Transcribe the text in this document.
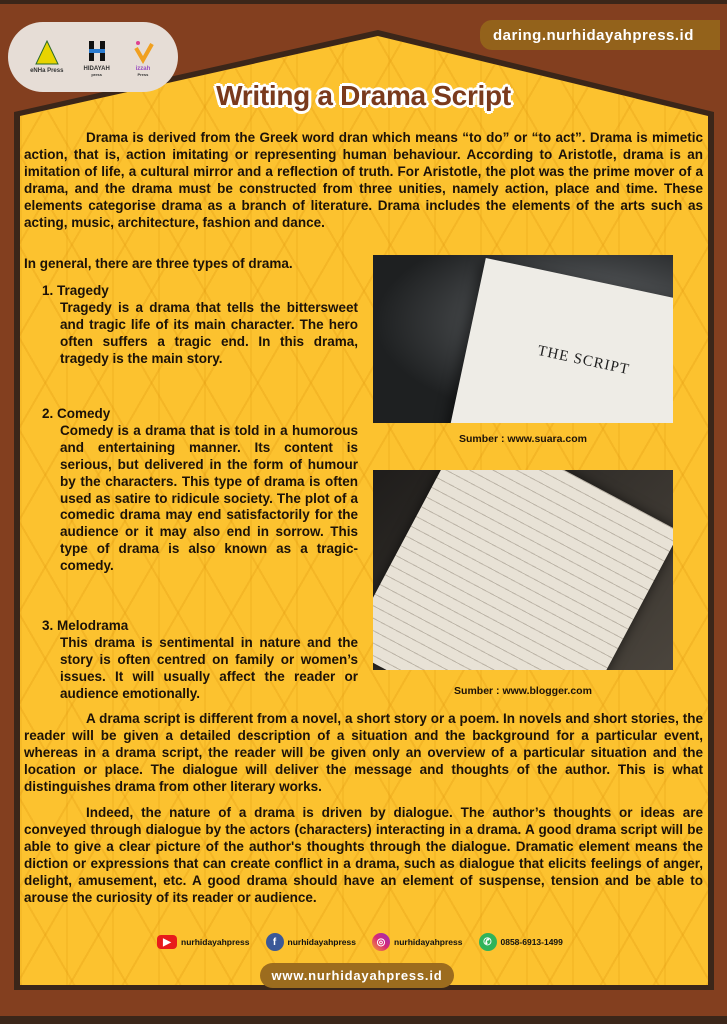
eNHa Press	HIDAYAH
press
izzah
Press
daring.nurhidayahpress.id
Writing a Drama Script
Drama is derived from the Greek word dran which means “to do” or “to act”. Drama is mimetic action, that is, action imitating or representing human behaviour. According to Aristotle, drama is an imitation of life, a cultural mirror and a reflection of truth. For Aristotle, the plot was the prime mover of a drama, and the drama must be constructed from three unities, namely action, place and time. These elements categorise drama as a branch of literature. Drama includes the elements of the arts such as acting, music, architecture, fashion and dance.
In general, there are three types of drama.
1. Tragedy
Tragedy is a drama that tells the bittersweet and tragic life of its main character. The hero often suffers a tragic end. In this drama, tragedy is the main story.
2. Comedy
Comedy is a drama that is told in a humorous and entertaining manner. Its content is serious, but delivered in the form of humour by the characters. This type of drama is often used as satire to ridicule society. The plot of a comedic drama may end satisfactorily for the audience or it may also end in sorrow. This type of drama is also known as a tragic-comedy.
3. Melodrama
This drama is sentimental in nature and the story is often centred on family or women’s issues. It will usually affect the reader or audience emotionally.
THE SCRIPT
Sumber : www.suara.com
Sumber : www.blogger.com
A drama script is different from a novel, a short story or a poem. In novels and short stories, the reader will be given a detailed description of a situation and the background for a particular event, whereas in a drama script, the reader will be given only an overview of a particular situation and the location or place. The dialogue will deliver the message and thoughts of the author. This is what distinguishes drama from other literary works.
Indeed, the nature of a drama is driven by dialogue. The author’s thoughts or ideas are conveyed through dialogue by the actors (characters) interacting in a drama. A good drama script will be able to give a clear picture of the author's thoughts through the dialogue. Dramatic element means the diction or expressions that can create conflict in a drama, such as dialogue that elicits feelings of anger, delight, amusement, etc. A good drama should have an element of suspense, tension and be able to arouse the curiosity of its reader or audience.
▶	nurhidayahpress	f	nurhidayahpress	◎	nurhidayahpress	✆	0858-6913-1499
www.nurhidayahpress.id
